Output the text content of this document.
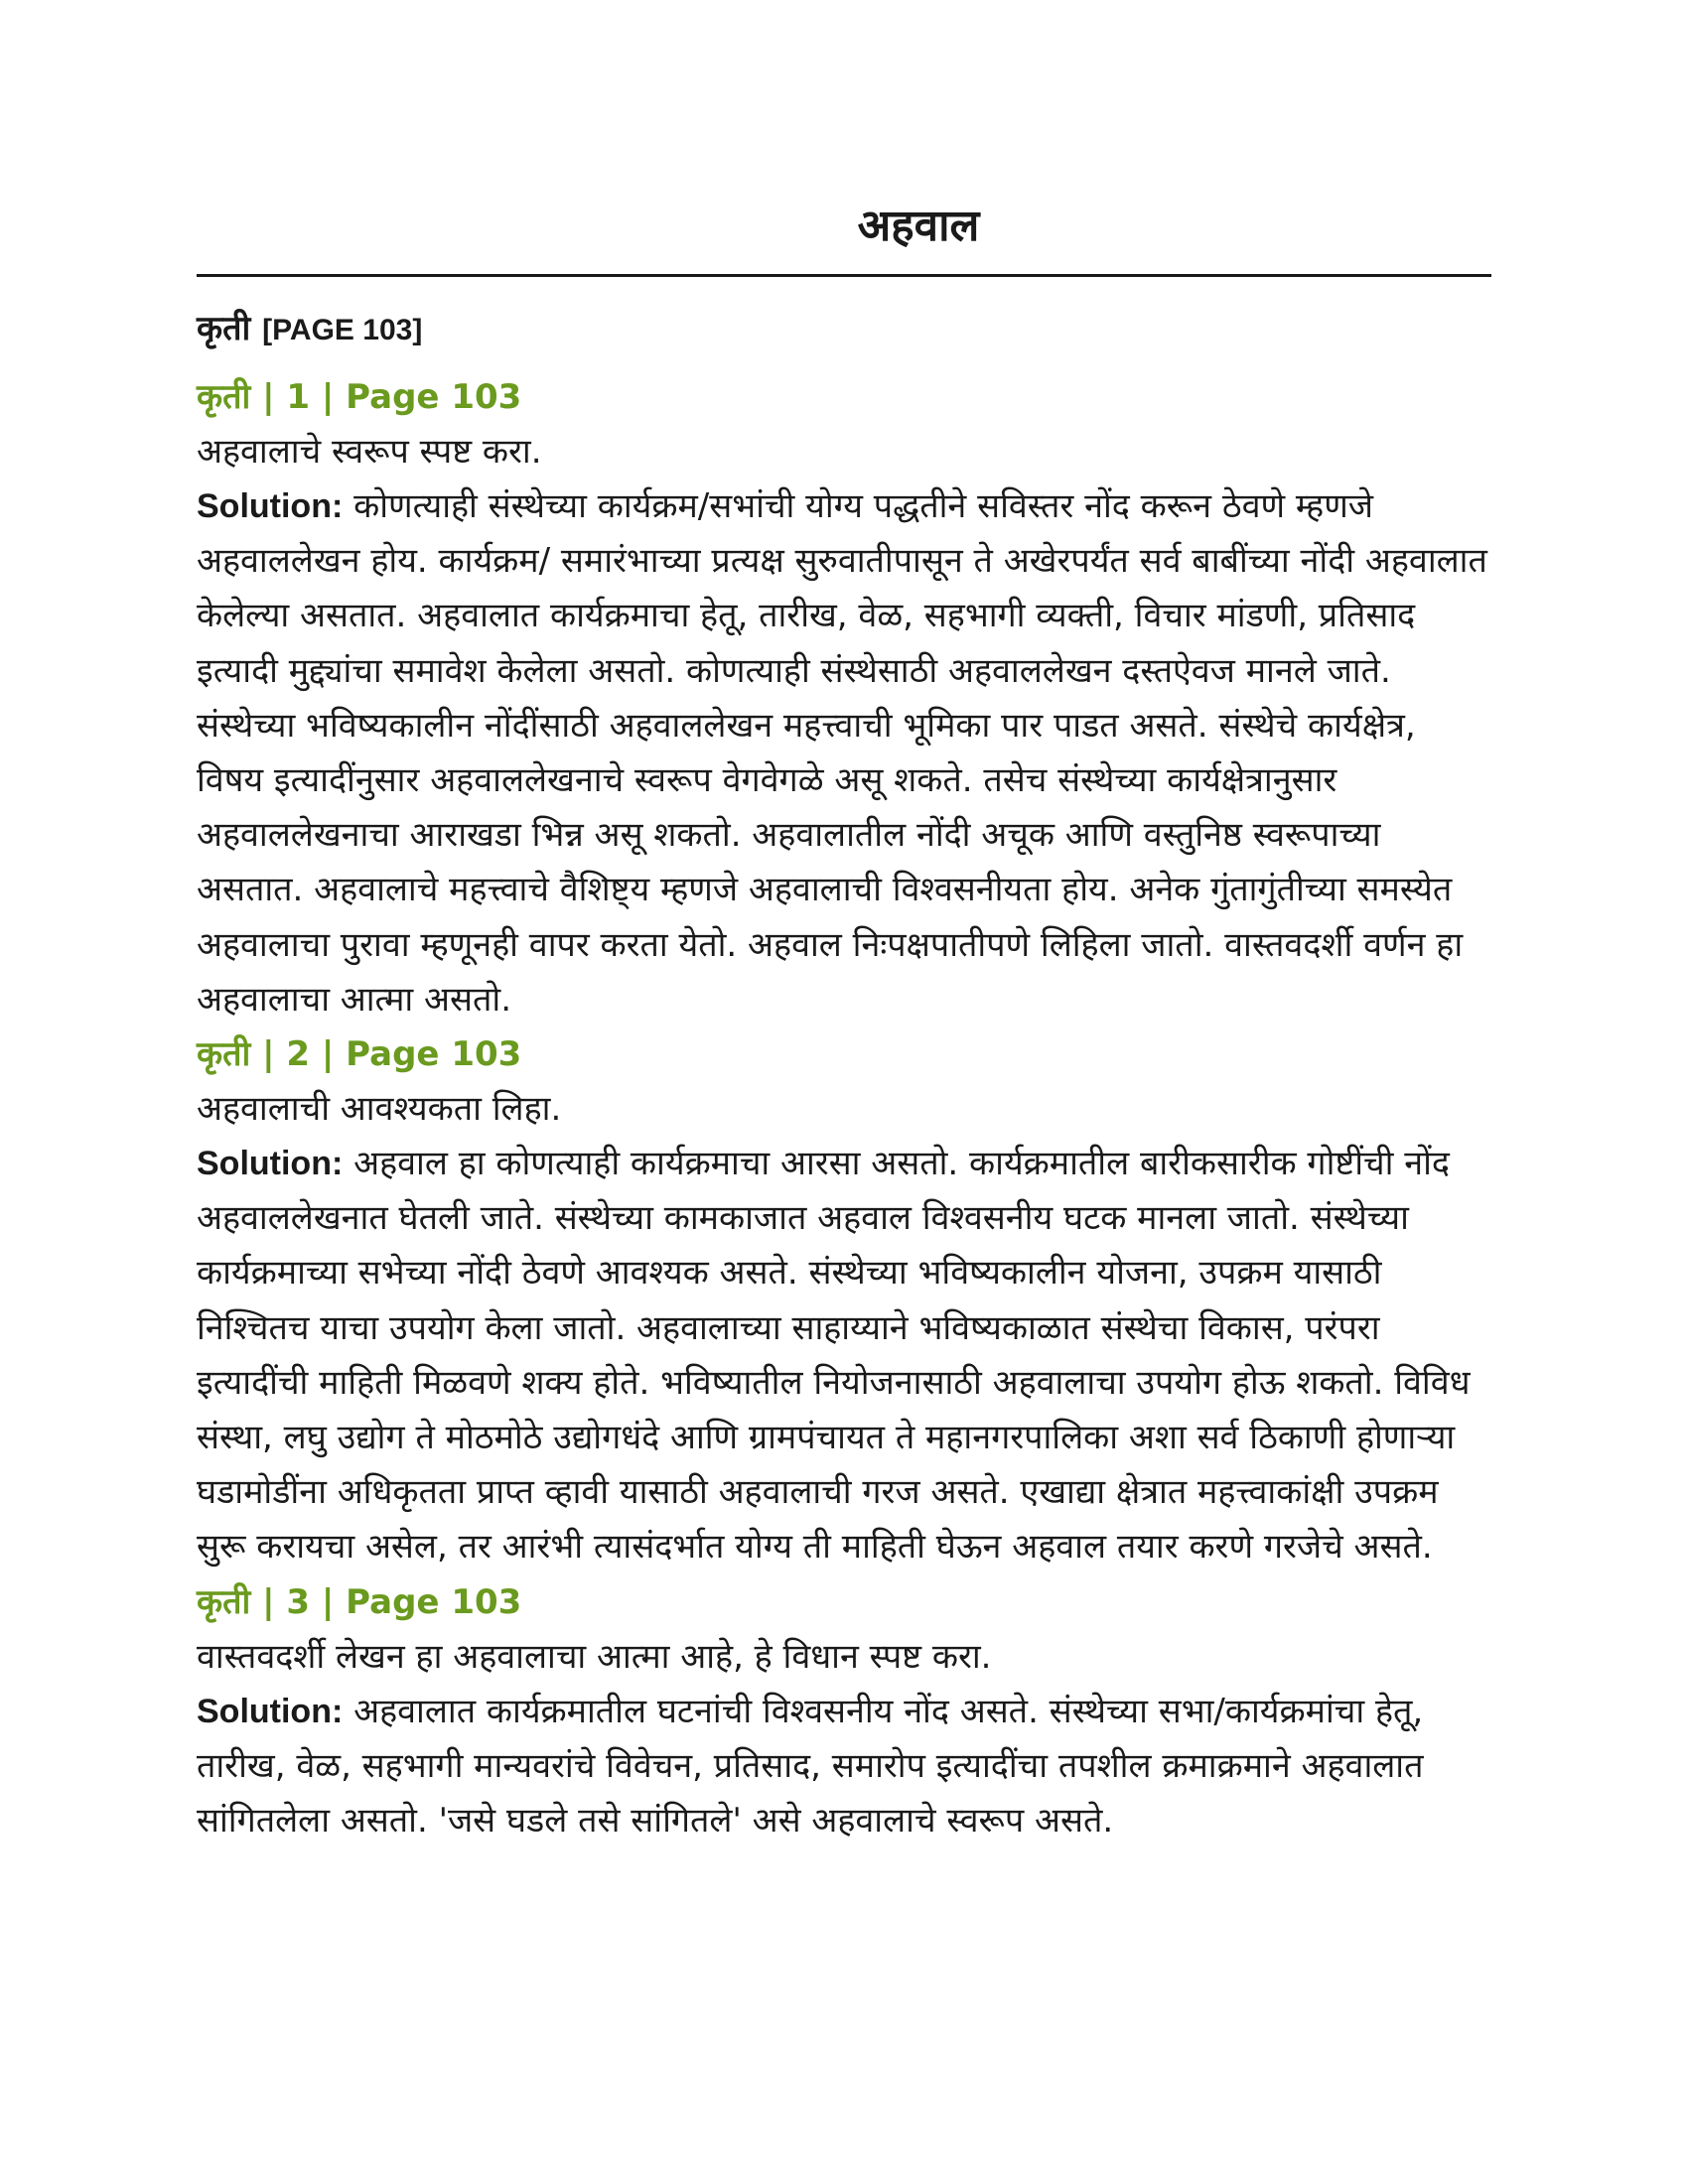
अहवाल
कृती [PAGE 103]

कृती | 1 | Page 103

अहवालाचे स्वरूप स्पष्ट करा.

Solution: कोणत्याही संस्थेच्या कार्यक्रम/सभांची योग्य पद्धतीने सविस्तर नोंद करून ठेवणे म्हणजे अहवाललेखन होय. कार्यक्रम/ समारंभाच्या प्रत्यक्ष सुरुवातीपासून ते अखेरपर्यंत सर्व बाबींच्या नोंदी अहवालात केलेल्या असतात. अहवालात कार्यक्रमाचा हेतू, तारीख, वेळ, सहभागी व्यक्ती, विचार मांडणी, प्रतिसाद इत्यादी मुद्द्यांचा समावेश केलेला असतो. कोणत्याही संस्थेसाठी अहवाललेखन दस्तऐवज मानले जाते. संस्थेच्या भविष्यकालीन नोंदींसाठी अहवाललेखन महत्त्वाची भूमिका पार पाडत असते. संस्थेचे कार्यक्षेत्र, विषय इत्यादींनुसार अहवाललेखनाचे स्वरूप वेगवेगळे असू शकते. तसेच संस्थेच्या कार्यक्षेत्रानुसार अहवाललेखनाचा आराखडा भिन्न असू शकतो. अहवालातील नोंदी अचूक आणि वस्तुनिष्ठ स्वरूपाच्या असतात. अहवालाचे महत्त्वाचे वैशिष्ट्य म्हणजे अहवालाची विश्वसनीयता होय. अनेक गुंतागुंतीच्या समस्येत अहवालाचा पुरावा म्हणूनही वापर करता येतो. अहवाल निःपक्षपातीपणे लिहिला जातो. वास्तवदर्शी वर्णन हा अहवालाचा आत्मा असतो.

कृती | 2 | Page 103

अहवालाची आवश्यकता लिहा.

Solution: अहवाल हा कोणत्याही कार्यक्रमाचा आरसा असतो. कार्यक्रमातील बारीकसारीक गोष्टींची नोंद अहवाललेखनात घेतली जाते. संस्थेच्या कामकाजात अहवाल विश्वसनीय घटक मानला जातो. संस्थेच्या कार्यक्रमाच्या सभेच्या नोंदी ठेवणे आवश्यक असते. संस्थेच्या भविष्यकालीन योजना, उपक्रम यासाठी निश्चितच याचा उपयोग केला जातो. अहवालाच्या साहाय्याने भविष्यकाळात संस्थेचा विकास, परंपरा इत्यादींची माहिती मिळवणे शक्य होते. भविष्यातील नियोजनासाठी अहवालाचा उपयोग होऊ शकतो. विविध संस्था, लघु उद्योग ते मोठमोठे उद्योगधंदे आणि ग्रामपंचायत ते महानगरपालिका अशा सर्व ठिकाणी होणाऱ्या घडामोडींना अधिकृतता प्राप्त व्हावी यासाठी अहवालाची गरज असते. एखाद्या क्षेत्रात महत्त्वाकांक्षी उपक्रम सुरू करायचा असेल, तर आरंभी त्यासंदर्भात योग्य ती माहिती घेऊन अहवाल तयार करणे गरजेचे असते.

कृती | 3 | Page 103

वास्तवदर्शी लेखन हा अहवालाचा आत्मा आहे, हे विधान स्पष्ट करा.

Solution: अहवालात कार्यक्रमातील घटनांची विश्वसनीय नोंद असते. संस्थेच्या सभा/कार्यक्रमांचा हेतू, तारीख, वेळ, सहभागी मान्यवरांचे विवेचन, प्रतिसाद, समारोप इत्यादींचा तपशील क्रमाक्रमाने अहवालात सांगितलेला असतो. 'जसे घडले तसे सांगितले' असे अहवालाचे स्वरूप असते.
